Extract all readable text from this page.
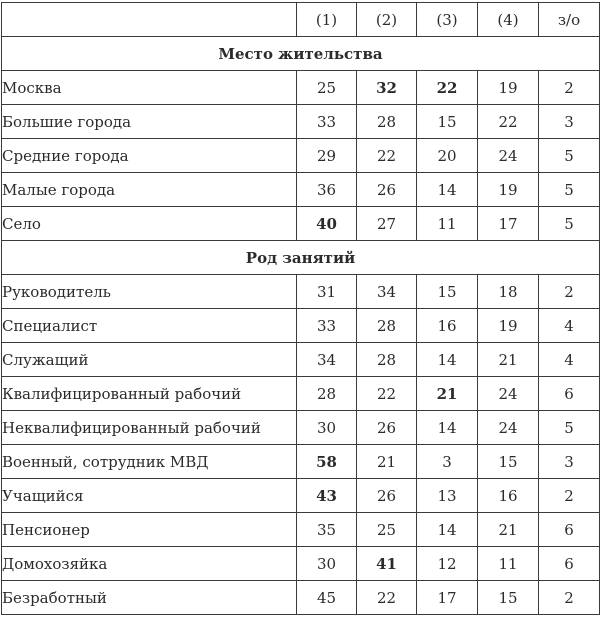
	(1)	(2)	(3)	(4)	з/о
Место жительства					
Москва	25	32	22	19	2
Большие города	33	28	15	22	3
Средние города	29	22	20	24	5
Малые города	36	26	14	19	5
Село	40	27	11	17	5
Род занятий					
Руководитель	31	34	15	18	2
Специалист	33	28	16	19	4
Служащий	34	28	14	21	4
Квалифицированный рабочий	28	22	21	24	6
Неквалифицированный рабочий	30	26	14	24	5
Военный, сотрудник МВД	58	21	3	15	3
Учащийся	43	26	13	16	2
Пенсионер	35	25	14	21	6
Домохозяйка	30	41	12	11	6
Безработный	45	22	17	15	2
